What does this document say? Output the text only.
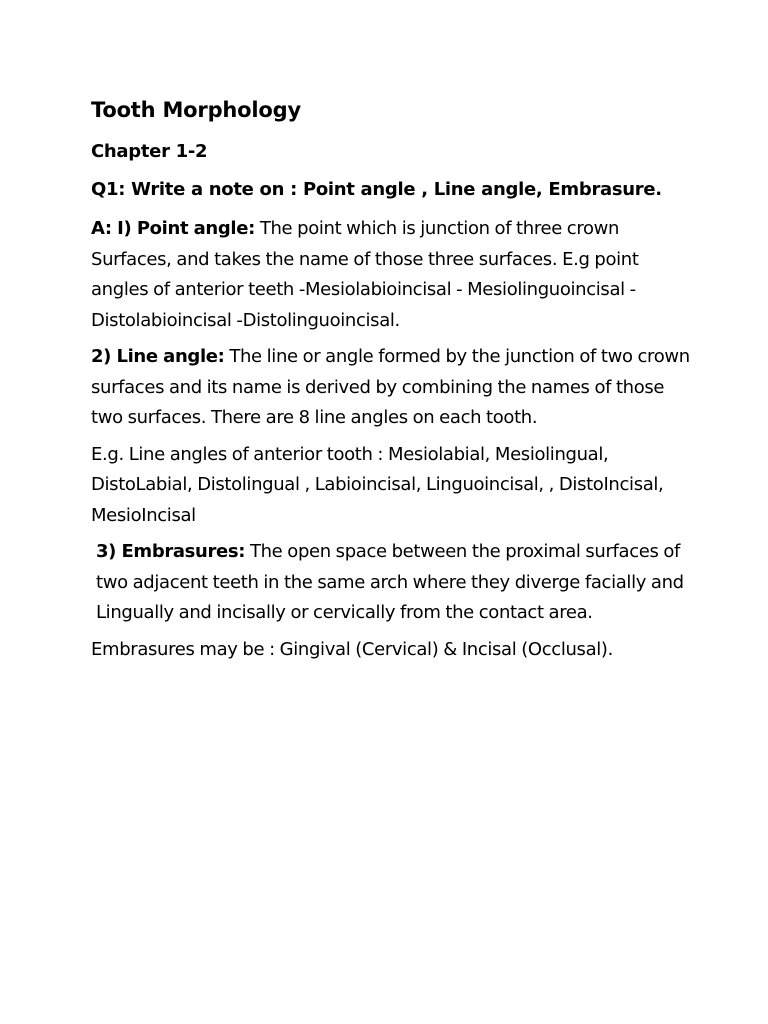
Tooth Morphology
Chapter 1-2
Q1: Write a note on : Point angle , Line angle, Embrasure.

A: I) Point angle: The point which is junction of three crown Surfaces, and takes the name of those three surfaces. E.g point angles of anterior teeth -Mesiolabioincisal - Mesiolinguoincisal -Distolabioincisal -Distolinguoincisal.

2) Line angle: The line or angle formed by the junction of two crown surfaces and its name is derived by combining the names of those two surfaces. There are 8 line angles on each tooth.

E.g. Line angles of anterior tooth : Mesiolabial, Mesiolingual, DistoLabial, Distolingual , Labioincisal, Linguoincisal, , DistoIncisal, MesioIncisal

3) Embrasures: The open space between the proximal surfaces of two adjacent teeth in the same arch where they diverge facially and Lingually and incisally or cervically from the contact area.

Embrasures may be : Gingival (Cervical) & Incisal (Occlusal).
